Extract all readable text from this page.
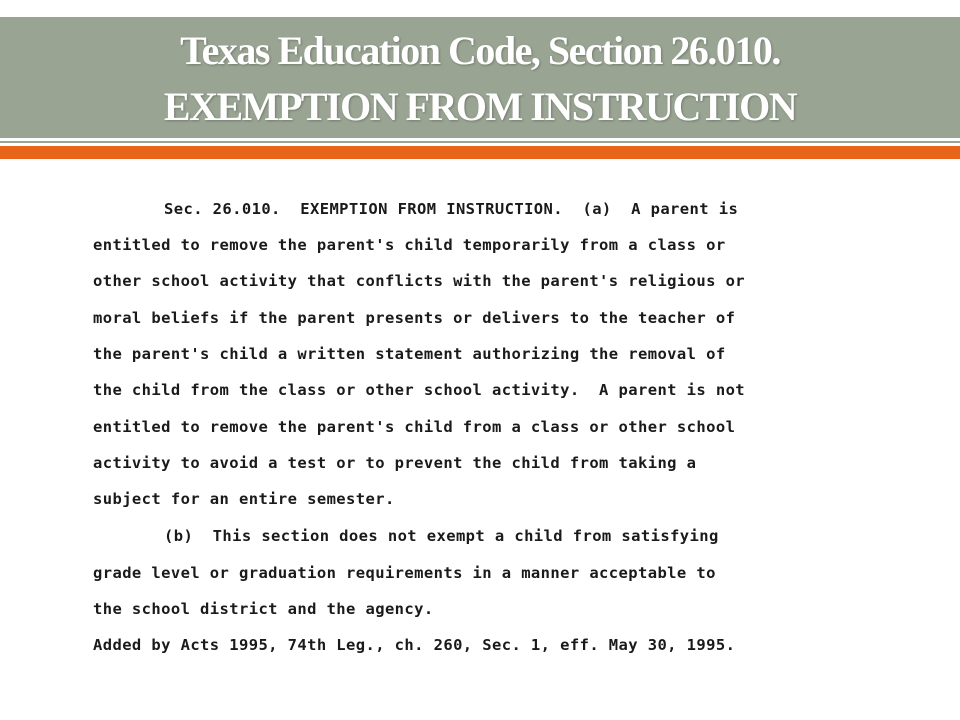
Texas Education Code, Section 26.010.
EXEMPTION FROM INSTRUCTION
Sec. 26.010.  EXEMPTION FROM INSTRUCTION.  (a)  A parent is
entitled to remove the parent's child temporarily from a class or
other school activity that conflicts with the parent's religious or
moral beliefs if the parent presents or delivers to the teacher of
the parent's child a written statement authorizing the removal of
the child from the class or other school activity.  A parent is not
entitled to remove the parent's child from a class or other school
activity to avoid a test or to prevent the child from taking a
subject for an entire semester.
(b)  This section does not exempt a child from satisfying
grade level or graduation requirements in a manner acceptable to
the school district and the agency.
Added by Acts 1995, 74th Leg., ch. 260, Sec. 1, eff. May 30, 1995.
